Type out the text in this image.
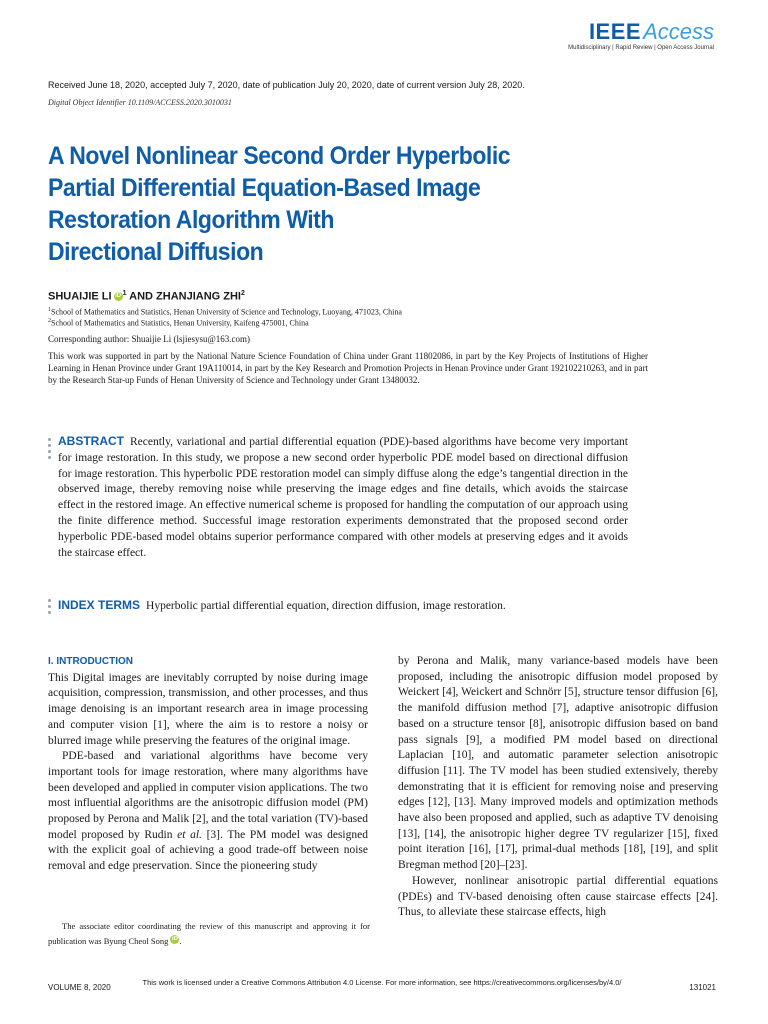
IEEEAccess
Multidisciplinary | Rapid Review | Open Access Journal
Received June 18, 2020, accepted July 7, 2020, date of publication July 20, 2020, date of current version July 28, 2020.
Digital Object Identifier 10.1109/ACCESS.2020.3010031
A Novel Nonlinear Second Order Hyperbolic
Partial Differential Equation-Based Image
Restoration Algorithm With
Directional Diffusion
SHUAIJIE LI iD $^1$ AND ZHANJIANG ZHI$^2$
$^1$School of Mathematics and Statistics, Henan University of Science and Technology, Luoyang, 471023, China
$^2$School of Mathematics and Statistics, Henan University, Kaifeng 475001, China
Corresponding author: Shuaijie Li (lsjiesysu@163.com)
This work was supported in part by the National Nature Science Foundation of China under Grant 11802086, in part by the Key Projects of Institutions of Higher Learning in Henan Province under Grant 19A110014, in part by the Key Research and Promotion Projects in Henan Province under Grant 192102210263, and in part by the Research Star-up Funds of Henan University of Science and Technology under Grant 13480032.
ABSTRACT Recently, variational and partial differential equation (PDE)-based algorithms have become very important for image restoration. In this study, we propose a new second order hyperbolic PDE model based on directional diffusion for image restoration. This hyperbolic PDE restoration model can simply diffuse along the edge’s tangential direction in the observed image, thereby removing noise while preserving the image edges and fine details, which avoids the staircase effect in the restored image. An effective numerical scheme is proposed for handling the computation of our approach using the finite difference method. Successful image restoration experiments demonstrated that the proposed second order hyperbolic PDE-based model obtains superior performance compared with other models at preserving edges and it avoids the staircase effect.
INDEX TERMS Hyperbolic partial differential equation, direction diffusion, image restoration.
I. INTRODUCTION

This Digital images are inevitably corrupted by noise during image acquisition, compression, transmission, and other processes, and thus image denoising is an important research area in image processing and computer vision [1], where the aim is to restore a noisy or blurred image while preserving the features of the original image.

PDE-based and variational algorithms have become very important tools for image restoration, where many algorithms have been developed and applied in computer vision applications. The two most influential algorithms are the anisotropic diffusion model (PM) proposed by Perona and Malik [2], and the total variation (TV)-based model proposed by Rudin et al. [3]. The PM model was designed with the explicit goal of achieving a good trade-off between noise removal and edge preservation. Since the pioneering study

by Perona and Malik, many variance-based models have been proposed, including the anisotropic diffusion model proposed by Weickert [4], Weickert and Schnörr [5], structure tensor diffusion [6], the manifold diffusion method [7], adaptive anisotropic diffusion based on a structure tensor [8], anisotropic diffusion based on band pass signals [9], a modified PM model based on directional Laplacian [10], and automatic parameter selection anisotropic diffusion [11]. The TV model has been studied extensively, thereby demonstrating that it is efficient for removing noise and preserving edges [12], [13]. Many improved models and optimization methods have also been proposed and applied, such as adaptive TV denoising [13], [14], the anisotropic higher degree TV regularizer [15], fixed point iteration [16], [17], primal-dual methods [18], [19], and split Bregman method [20]–[23].

However, nonlinear anisotropic partial differential equations (PDEs) and TV-based denoising often cause staircase effects [24]. Thus, to alleviate these staircase effects, high

The associate editor coordinating the review of this manuscript and approving it for publication was Byung Cheol Song iD .
VOLUME 8, 2020
This work is licensed under a Creative Commons Attribution 4.0 License. For more information, see https://creativecommons.org/licenses/by/4.0/
131021
